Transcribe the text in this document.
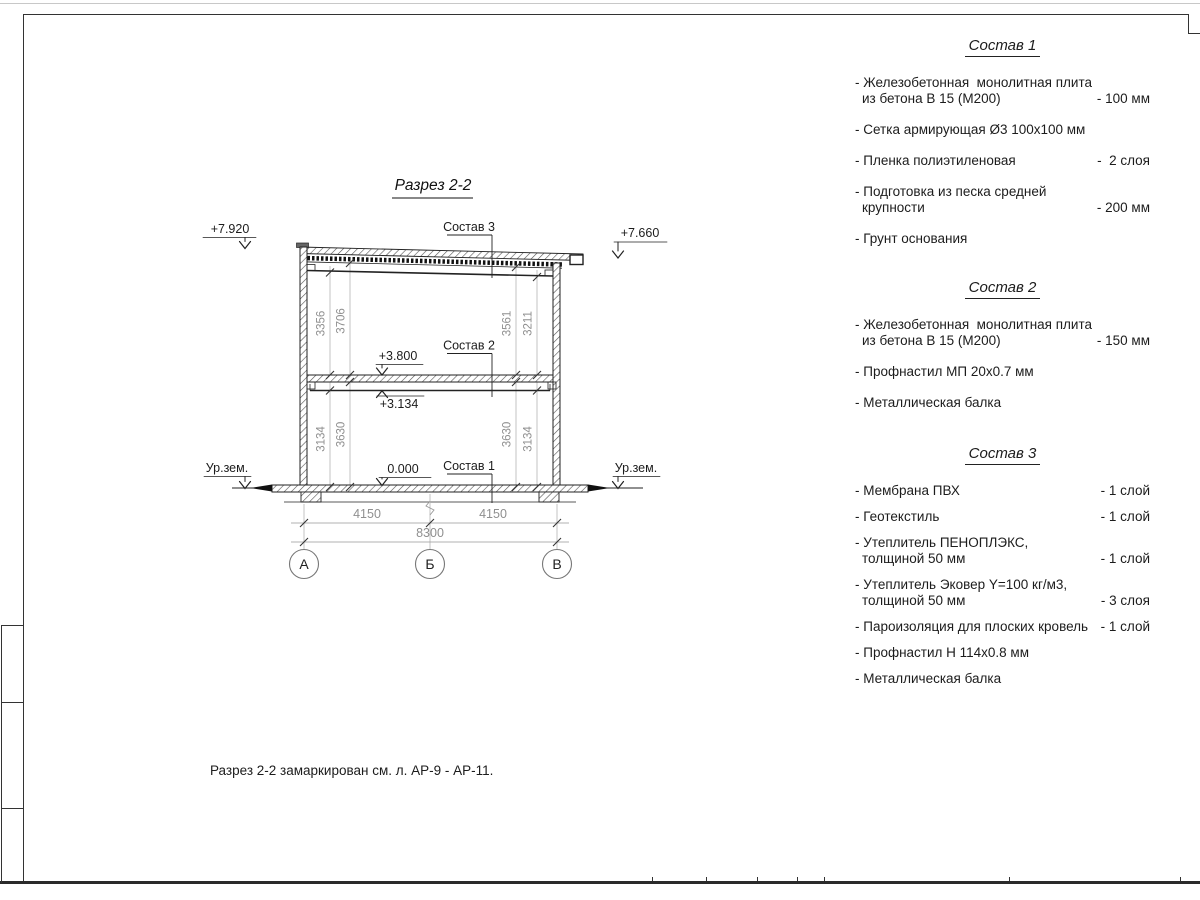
Разрез 2-2
3356 3706	3561 3211
3134 3630	3630 3134
Состав 3
Состав 2
Состав 1
+7.920	+7.660
+3.800
+3.134
0.000
Ур.зем.	Ур.зем.
4150	4150
8300
А	Б	В
Состав 1
- Железобетонная  монолитная плита
из бетона В 15 (М200)	- 100 мм
- Сетка армирующая Ø3 100x100 мм
- Пленка полиэтиленовая	-  2 слоя
- Подготовка из песка средней
крупности	- 200 мм
- Грунт основания
Состав 2
- Железобетонная  монолитная плита
из бетона В 15 (М200)	- 150 мм
- Профнастил МП 20x0.7 мм
- Металлическая балка
Состав 3
- Мембрана ПВХ	- 1 слой
- Геотекстиль	- 1 слой
- Утеплитель ПЕНОПЛЭКС,
толщиной 50 мм	- 1 слой
- Утеплитель Эковер Y=100 кг/м3,
толщиной 50 мм	- 3 слоя
- Пароизоляция для плоских кровель - 1 слой
- Профнастил Н 114x0.8 мм
- Металлическая балка
Разрез 2-2 замаркирован см. л. АР-9 - АР-11.
